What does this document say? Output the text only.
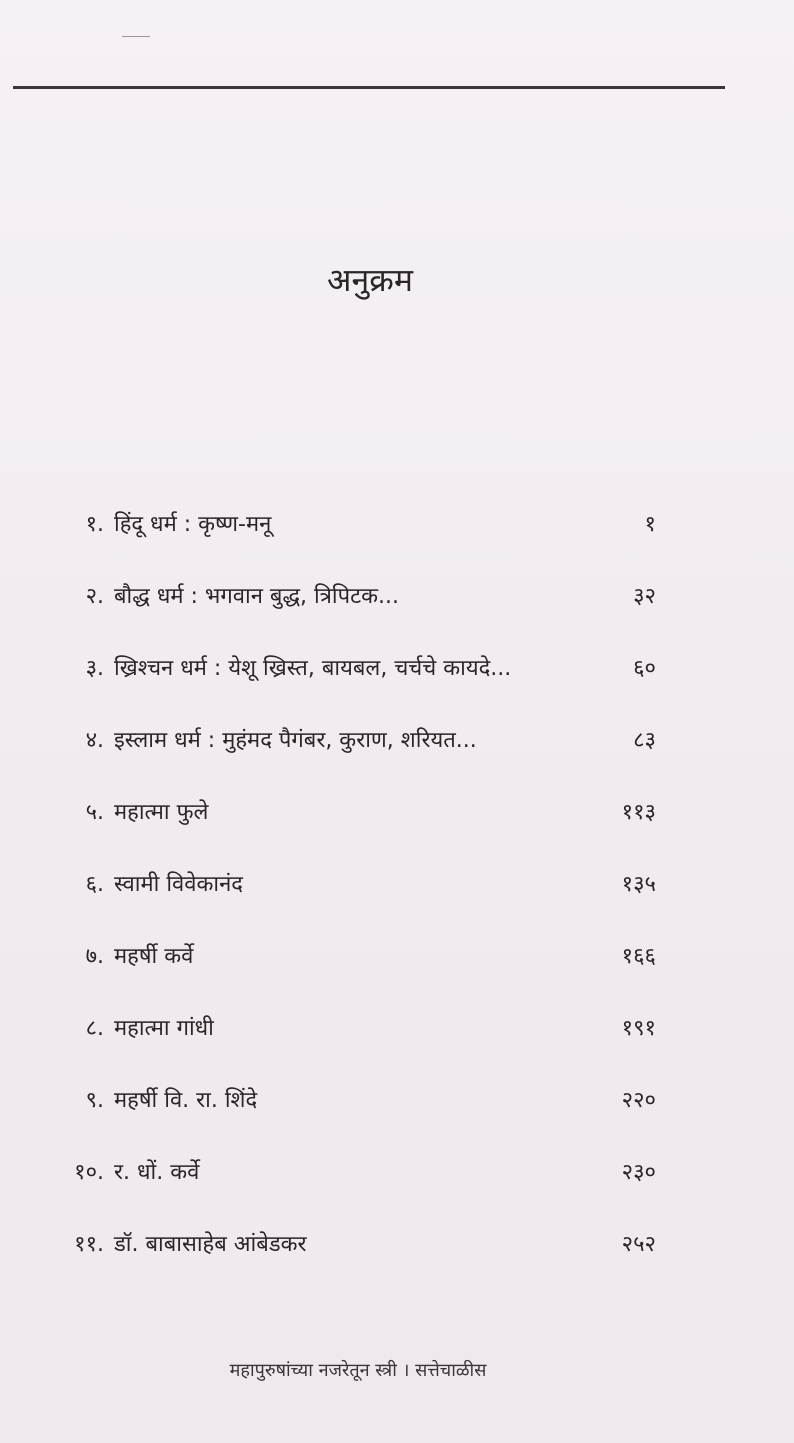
अनुक्रम
१. हिंदू धर्म : कृष्ण-मनू	१
२. बौद्ध धर्म : भगवान बुद्ध, त्रिपिटक...	३२
३. ख्रिश्चन धर्म : येशू ख्रिस्त, बायबल, चर्चचे कायदे...	६०
४. इस्लाम धर्म : मुहंमद पैगंबर, कुराण, शरियत...	८३
५. महात्मा फुले	११३
६. स्वामी विवेकानंद	१३५
७. महर्षी कर्वे	१६६
८. महात्मा गांधी	१९१
९. महर्षी वि. रा. शिंदे	२२०
१०. र. धों. कर्वे	२३०
११. डॉ. बाबासाहेब आंबेडकर	२५२
महापुरुषांच्या नजरेतून स्त्री । सत्तेचाळीस
